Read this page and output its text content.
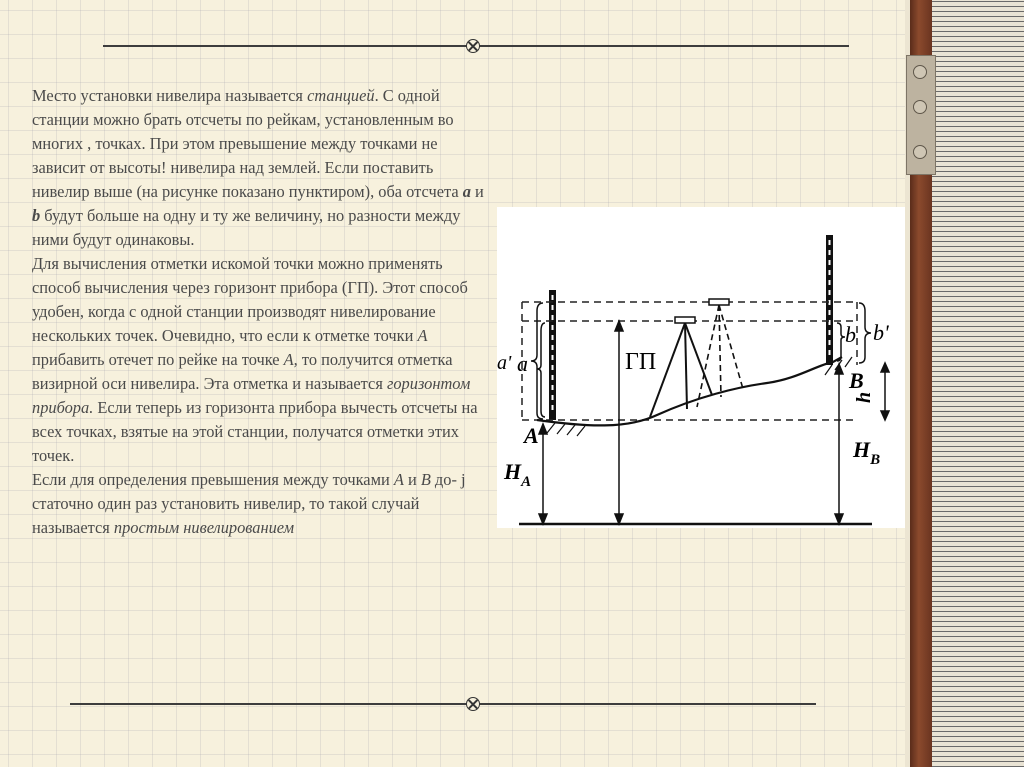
Место установки нивелира называется станцией. С одной станции можно брать отсчеты по рейкам, установленным во многих , точках. При этом превышение между точками не зависит от высоты! нивелира над землей. Если поставить нивелир выше (на рисунке показано пунктиром), оба отсчета a и b будут больше на одну и ту же величину, но разности между ними будут одинаковы.

Для вычисления отметки искомой точки можно применять способ вычисления через горизонт прибора (ГП). Этот способ удобен, когда с одной станции производят нивелирование нескольких точек. Очевидно, что если к отметке точки А прибавить отечет по рейке на точке А, то получится отметка визирной оси нивелира. Эта отметка и называется горизонтом прибора. Если теперь из горизонта прибора вычесть отсчеты на всех точках, взятые на этой станции, получатся отметки этих точек.

Если для определения превышения между точками А и В до- j статочно один раз установить нивелир, то такой случай называется простым нивелированием

a' a	ГП
b b'
B
h
A
$H_A$
$H_B$
